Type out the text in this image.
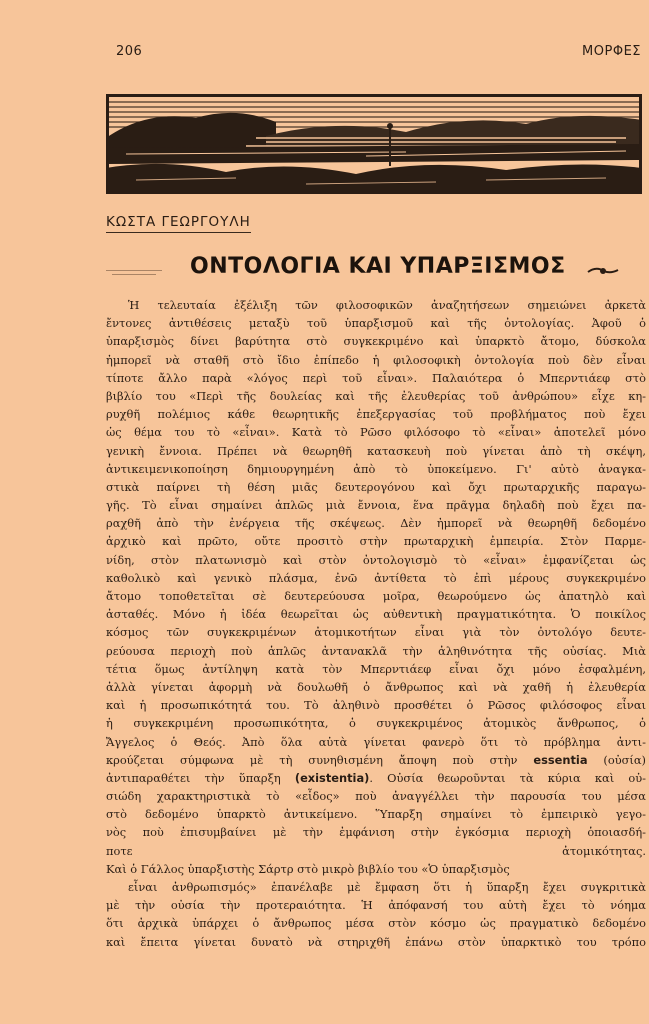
206	ΜΟΡΦΕΣ
ΚΩΣΤΑ ΓΕΩΡΓΟΥΛΗ
ΟΝΤΟΛΟΓΙΑ ΚΑΙ ΥΠΑΡΞΙΣΜΟΣ
Ἡ τελευταία ἐξέλιξη τῶν φιλοσοφικῶν ἀναζητήσεων σημειώνει ἀρκετὰ
ἔντονες ἀντιθέσεις μεταξὺ τοῦ ὑπαρξισμοῦ καὶ τῆς ὀντολογίας. Ἀφοῦ ὁ
ὑπαρξισμὸς δίνει βαρύτητα στὸ συγκεκριμένο καὶ ὑπαρκτὸ ἄτομο, δύσκολα
ἠμπορεῖ νὰ σταθῆ στὸ ἴδιο ἐπίπεδο ἡ φιλοσοφικὴ ὀντολογία ποὺ δὲν εἶναι
τίποτε ἄλλο παρὰ «λόγος περὶ τοῦ εἶναι». Παλαιότερα ὁ Μπερντιάεφ στὸ
βιβλίο του «Περὶ τῆς δουλείας καὶ τῆς ἐλευθερίας τοῦ ἀνθρώπου» εἶχε κη-
ρυχθῆ πολέμιος κάθε θεωρητικῆς ἐπεξεργασίας τοῦ προβλήματος ποὺ ἔχει
ὡς θέμα του τὸ «εἶναι». Κατὰ τὸ Ρῶσο φιλόσοφο τὸ «εἶναι» ἀποτελεῖ μόνο
γενικὴ ἔννοια. Πρέπει νὰ θεωρηθῆ κατασκευὴ ποὺ γίνεται ἀπὸ τὴ σκέψη,
ἀντικειμενικοποίηση δημιουργημένη ἀπὸ τὸ ὑποκείμενο. Γι' αὐτὸ ἀναγκα-
στικὰ παίρνει τὴ θέση μιᾶς δευτερογόνου καὶ ὄχι πρωταρχικῆς παραγω-
γῆς. Τὸ εἶναι σημαίνει ἁπλῶς μιὰ ἔννοια, ἕνα πρᾶγμα δηλαδὴ ποὺ ἔχει πα-
ραχθῆ ἀπὸ τὴν ἐνέργεια τῆς σκέψεως. Δὲν ἠμπορεῖ νὰ θεωρηθῆ δεδομένο
ἀρχικὸ καὶ πρῶτο, οὔτε προσιτὸ στὴν πρωταρχικὴ ἐμπειρία. Στὸν Παρμε-
νίδη, στὸν πλατωνισμὸ καὶ στὸν ὀντολογισμὸ τὸ «εἶναι» ἐμφανίζεται ὡς
καθολικὸ καὶ γενικὸ πλάσμα, ἐνῶ ἀντίθετα τὸ ἐπὶ μέρους συγκεκριμένο
ἄτομο τοποθετεῖται σὲ δευτερεύουσα μοῖρα, θεωρούμενο ὡς ἀπατηλὸ καὶ
ἀσταθές. Μόνο ἡ ἰδέα θεωρεῖται ὡς αὐθεντικὴ πραγματικότητα. Ὁ ποικίλος
κόσμος τῶν συγκεκριμένων ἀτομικοτήτων εἶναι γιὰ τὸν ὀντολόγο δευτε-
ρεύουσα περιοχὴ ποὺ ἁπλῶς ἀντανακλᾶ τὴν ἀληθινότητα τῆς οὐσίας. Μιὰ
τέτια ὅμως ἀντίληψη κατὰ τὸν Μπερντιάεφ εἶναι ὄχι μόνο ἐσφαλμένη,
ἀλλὰ γίνεται ἀφορμὴ νὰ δουλωθῆ ὁ ἄνθρωπος καὶ νὰ χαθῆ ἡ ἐλευθερία
καὶ ἡ προσωπικότητά του. Τὸ ἀληθινὸ προσθέτει ὁ Ρῶσος φιλόσοφος εἶναι
ἡ συγκεκριμένη προσωπικότητα, ὁ συγκεκριμένος ἀτομικὸς ἄνθρωπος, ὁ
Ἄγγελος ὁ Θεός. Ἀπὸ ὅλα αὐτὰ γίνεται φανερὸ ὅτι τὸ πρόβλημα ἀντι-
κρούζεται σύμφωνα μὲ τὴ συνηθισμένη ἄποψη ποὺ στὴν essentia (οὐσία)
ἀντιπαραθέτει τὴν ὕπαρξη (existentia). Οὐσία θεωροῦνται τὰ κύρια καὶ οὐ-
σιώδη χαρακτηριστικὰ τὸ «εἶδος» ποὺ ἀναγγέλλει τὴν παρουσία του μέσα
στὸ δεδομένο ὑπαρκτὸ ἀντικείμενο. Ὕπαρξη σημαίνει τὸ ἐμπειρικὸ γεγο-
νὸς ποὺ ἐπισυμβαίνει μὲ τὴν ἐμφάνιση στὴν ἐγκόσμια περιοχὴ ὁποιασδή-
ποτε ἀτομικότητας.
Καὶ ὁ Γάλλος ὑπαρξιστὴς Σάρτρ στὸ μικρὸ βιβλίο του «Ὁ ὑπαρξισμὸς
εἶναι ἀνθρωπισμός» ἐπανέλαβε μὲ ἔμφαση ὅτι ἡ ὕπαρξη ἔχει συγκριτικὰ
μὲ τὴν οὐσία τὴν προτεραιότητα. Ἡ ἀπόφανσή του αὐτὴ ἔχει τὸ νόημα
ὅτι ἀρχικὰ ὑπάρχει ὁ ἄνθρωπος μέσα στὸν κόσμο ὡς πραγματικὸ δεδομένο
καὶ ἔπειτα γίνεται δυνατὸ νὰ στηριχθῆ ἐπάνω στὸν ὑπαρκτικὸ του τρόπο
